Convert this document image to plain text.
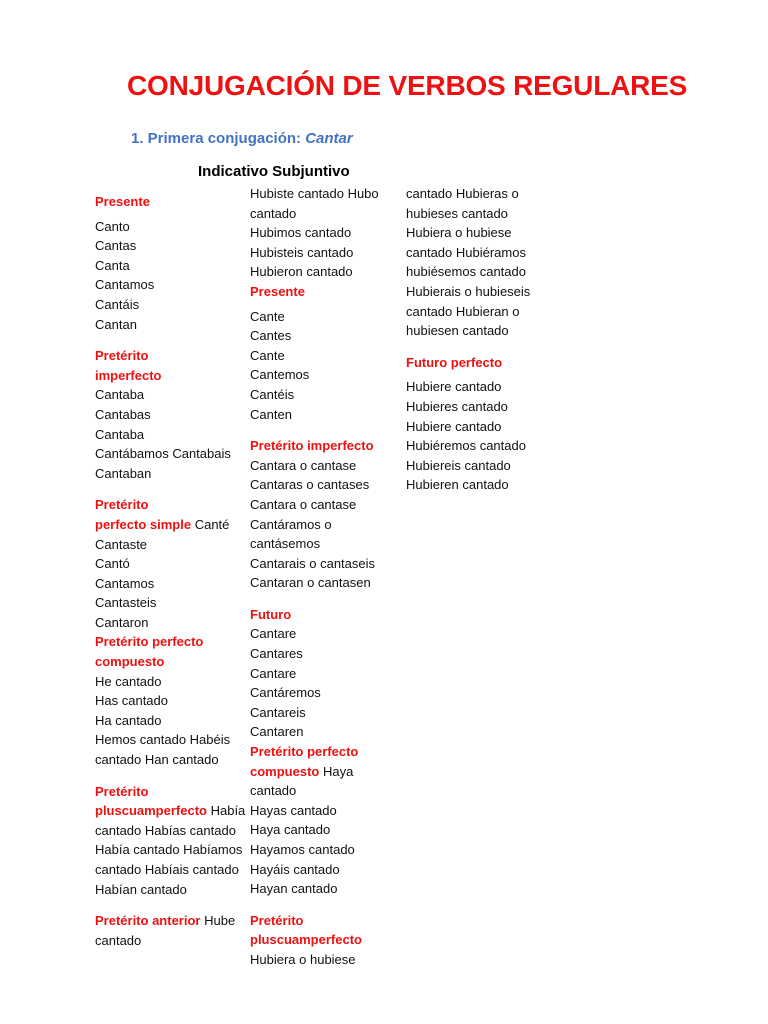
CONJUGACIÓN DE VERBOS REGULARES
1. Primera conjugación: Cantar
Indicativo Subjuntivo
Presente
Canto
Cantas
Canta
Cantamos
Cantáis
Cantan
Pretérito
imperfecto
Cantaba
Cantabas
Cantaba
Cantábamos Cantabais
Cantaban
Pretérito
perfecto simple Canté
Cantaste
Cantó
Cantamos
Cantasteis
Cantaron
Pretérito perfecto
compuesto
He cantado
Has cantado
Ha cantado
Hemos cantado Habéis
cantado Han cantado
Pretérito
pluscuamperfecto Había
cantado Habías cantado
Había cantado Habíamos
cantado Habíais cantado
Habían cantado
Pretérito anterior Hube
cantado
Hubiste cantado Hubo
cantado
Hubimos cantado
Hubisteis cantado
Hubieron cantado
Presente
Cante
Cantes
Cante
Cantemos
Cantéis
Canten
Pretérito imperfecto
Cantara o cantase
Cantaras o cantases
Cantara o cantase
Cantáramos o
cantásemos
Cantarais o cantaseis
Cantaran o cantasen
Futuro
Cantare
Cantares
Cantare
Cantáremos
Cantareis
Cantaren
Pretérito perfecto
compuesto Haya
cantado
Hayas cantado
Haya cantado
Hayamos cantado
Hayáis cantado
Hayan cantado
Pretérito
pluscuamperfecto
Hubiera o hubiese
cantado Hubieras o
hubieses cantado
Hubiera o hubiese
cantado Hubiéramos
hubiésemos cantado
Hubierais o hubieseis
cantado Hubieran o
hubiesen cantado
Futuro perfecto
Hubiere cantado
Hubieres cantado
Hubiere cantado
Hubiéremos cantado
Hubiereis cantado
Hubieren cantado
